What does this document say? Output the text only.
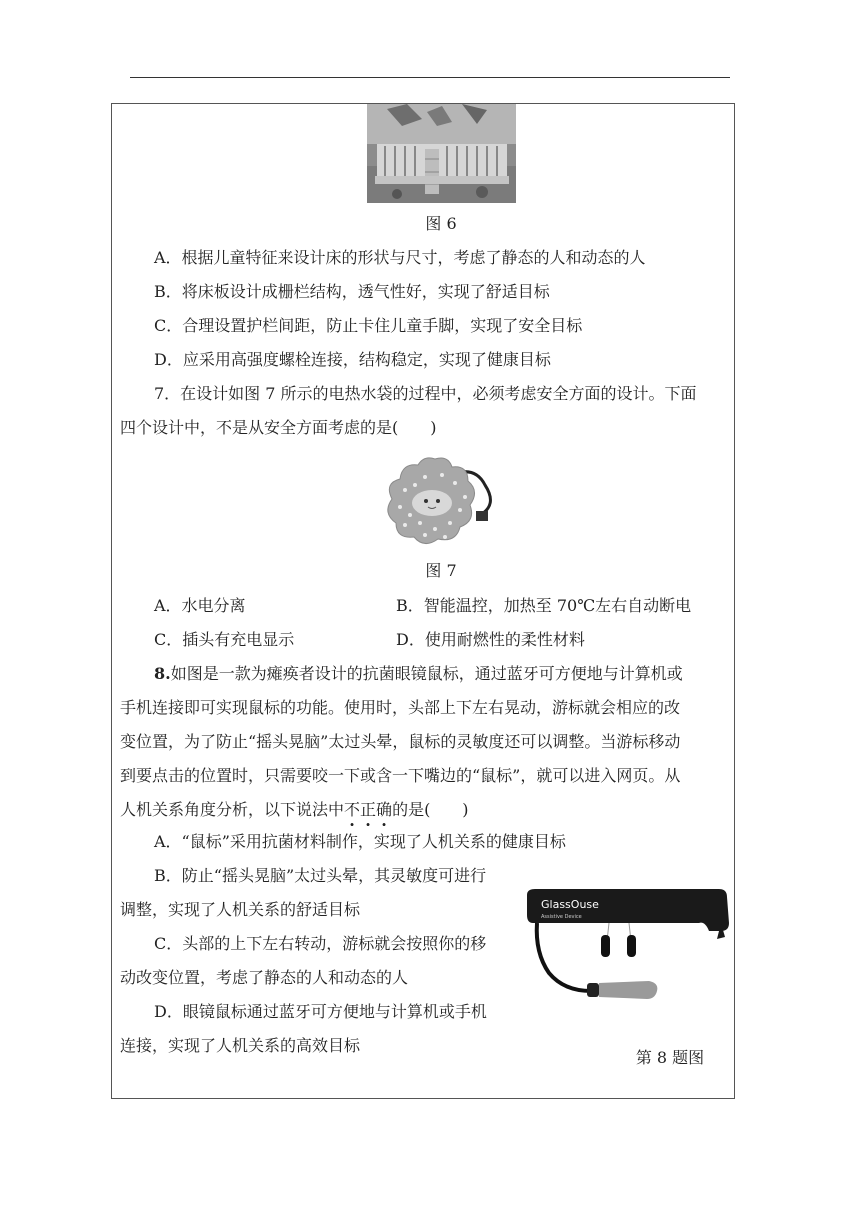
图 6
A．根据儿童特征来设计床的形状与尺寸，考虑了静态的人和动态的人
B．将床板设计成栅栏结构，透气性好，实现了舒适目标
C．合理设置护栏间距，防止卡住儿童手脚，实现了安全目标
D．应采用高强度螺栓连接，结构稳定，实现了健康目标
7．在设计如图 7 所示的电热水袋的过程中，必须考虑安全方面的设计。下面
四个设计中，不是从安全方面考虑的是(　　)
图 7
A．水电分离	B．智能温控，加热至 70℃左右自动断电
C．插头有充电显示	D．使用耐燃性的柔性材料
8.如图是一款为瘫痪者设计的抗菌眼镜鼠标，通过蓝牙可方便地与计算机或
手机连接即可实现鼠标的功能。使用时，头部上下左右晃动，游标就会相应的改
变位置，为了防止“摇头晃脑”太过头晕，鼠标的灵敏度还可以调整。当游标移动
到要点击的位置时，只需要咬一下或含一下嘴边的“鼠标”，就可以进入网页。从
人机关系角度分析，以下说法中不正确的是(　　)
A．“鼠标”采用抗菌材料制作，实现了人机关系的健康目标
B．防止“摇头晃脑”太过头晕，其灵敏度可进行
调整，实现了人机关系的舒适目标
C．头部的上下左右转动，游标就会按照你的移
动改变位置，考虑了静态的人和动态的人
D．眼镜鼠标通过蓝牙可方便地与计算机或手机
连接，实现了人机关系的高效目标
GlassOuse
Assistive Device
第 8 题图
